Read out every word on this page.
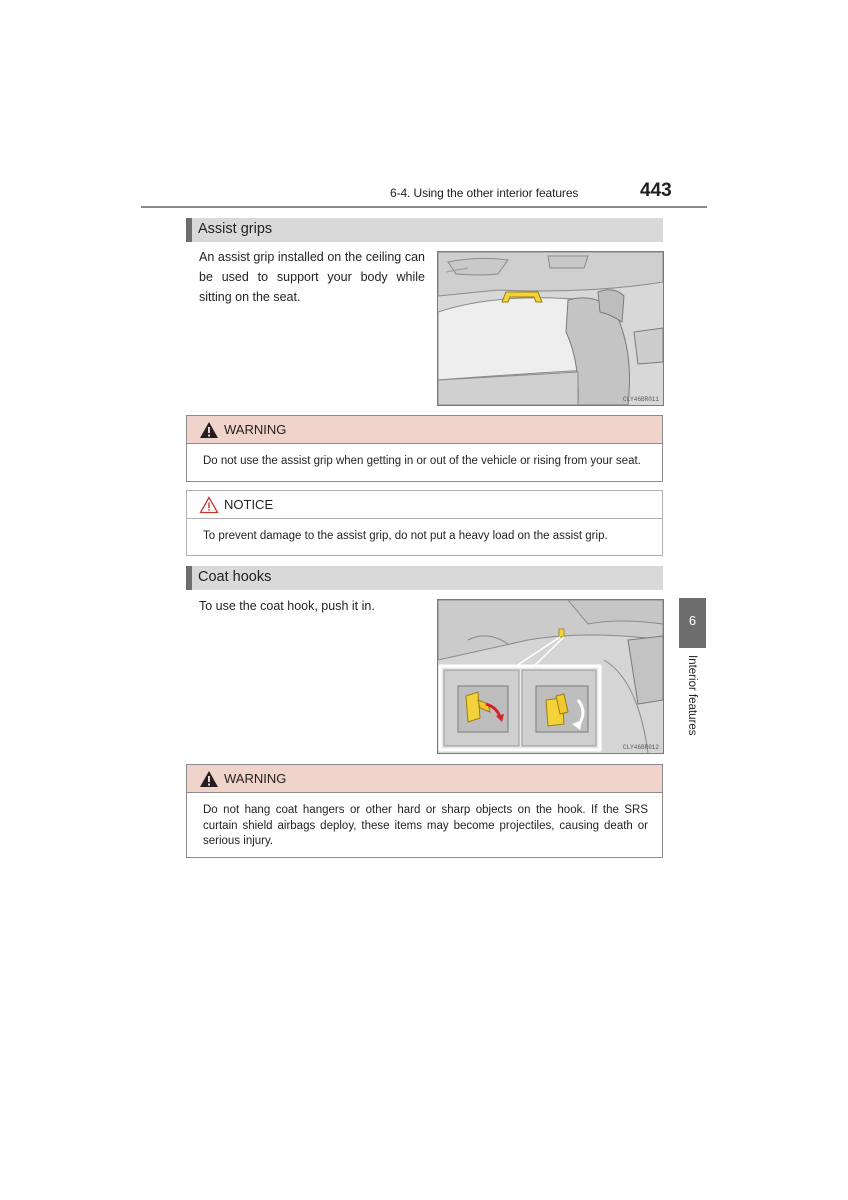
6-4. Using the other interior features	443
Assist grips
An assist grip installed on the ceiling can be used to support your body while sitting on the seat.
CLY46BR011
WARNING
Do not use the assist grip when getting in or out of the vehicle or rising from your seat.
NOTICE
To prevent damage to the assist grip, do not put a heavy load on the assist grip.
Coat hooks
To use the coat hook, push it in.
CLY46BR012
WARNING
Do not hang coat hangers or other hard or sharp objects on the hook. If the SRS curtain shield airbags deploy, these items may become projectiles, causing death or serious injury.
6
Interior features
